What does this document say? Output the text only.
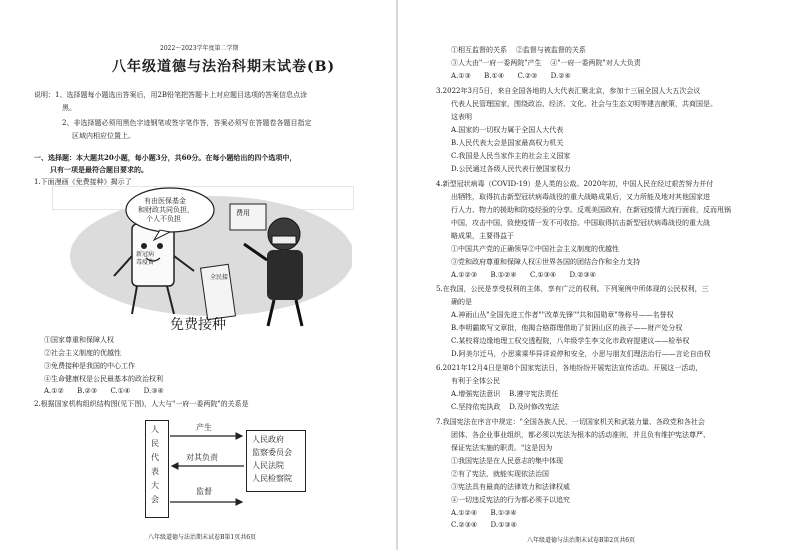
2022～2023学年度第二学期
八年级道德与法治科期末试卷(B)
说明：1、选择题每小题选出答案后，用2B铅笔把答题卡上对应题目选项的答案信息点涂
黑。
2、非选择题必须用黑色字迹钢笔或签字笔作答，答案必须写在答题卷各题目指定
区域内相应位置上。
一、选择题：本大题共20小题，每小题3分，共60分。在每小题给出的四个选项中，
只有一项是最符合题目要求的。
1.下面漫画《免费接种》揭示了
有由医保基金
和财政共同负担，
个人不负担
费用
新冠病
毒疫苗
全民接
免费接种
①国家尊重和保障人权
②社会主义制度的优越性
③免费接种是我国的中心工作
④生命健康权是公民最基本的政治权利
A.①②      B.②③      C.①④      D.③④
2.根据国家机构组织结构图(见下图)，人大与"一府一委两院"的关系是
人
民
代
表
大
会
产生
对其负责
监督
人民政府
监察委员会
人民法院
人民检察院
八年级道德与法治期末试卷B第1页共6页
①相互监督的关系    ②监督与被监督的关系
③人大由"一府一委两院"产生    ④"一府一委两院"对人大负责
A.①③      B.①④      C.②③      D.②④
3.2022年3月5日，来自全国各地的人大代表汇聚北京，参加十三届全国人大五次会议
代表人民管理国家，围绕政治、经济、文化、社会与生态文明等建言献策，共商国是。
这表明
A.国家的一切权力属于全国人大代表
B.人民代表大会是国家最高权力机关
C.我国是人民当家作主的社会主义国家
D.公民通过各级人民代表行使国家权力
4.新型冠状病毒（COVID-19）是人类的公敌。2020年初，中国人民在经过艰苦努力并付
出牺牲，取得抗击新型冠状病毒战役的重大战略成果后，又力所能及地对其他国家进
行人力、物力的援助和防疫经验的分享。反观美国政府，在新冠疫情大流行面前，反而甩锅
中国，攻击中国，致使疫情一发不可收拾。中国取得抗击新型冠状病毒战役的重大战
略成果，主要得益于
①中国共产党的正确领导②中国社会主义制度的优越性
③党和政府尊重和保障人权④世界各国的团结合作和全力支持
A.①②③      B.①②④      C.①③④      D.②③④
5.在我国，公民是享受权利的主体，享有广泛的权利。下列案例中所体现的公民权利，三
确的是
A.神雨山丛"全国先进工作者""改革先锋""共和国勋章"等称号——名誉权
B.李明霸欺写文章批，他揭合格群理借助了贫困山区的孩子——财产处分权
C.某校将边缘地理工权交透程院，八年级学生李文化市政府提建议——检举权
D.阿美尔迁马，小思乘乘华异详说停和安全，小思与朋友们理法治行——言论自由权
6.2021年12月4日是第8个国家宪法日，各地纷纷开展宪法宣传活动。开展这一活动，
有利于全体公民
A.增强宪法意识    B.遵守宪法责任
C.坚持依宪执政    D.及时修改宪法
7.我国宪法在序言中规定："全国各族人民、一切国家机关和武装力量、各政党和各社会
团体、各企业事业组织，都必须以宪法为根本的活动准则，并且负有维护宪法尊严、
保证宪法实施的职责。"这是因为
①我国宪法是在人民意志的集中体现
②有了宪法，就能实现依法治国
③宪法具有最高的法律效力和法律权威
④一切违反宪法的行为都必须予以追究
A.①②④      B.①③④
C.②③④      D.①③④
八年级道德与法治期末试卷B第2页共6页
